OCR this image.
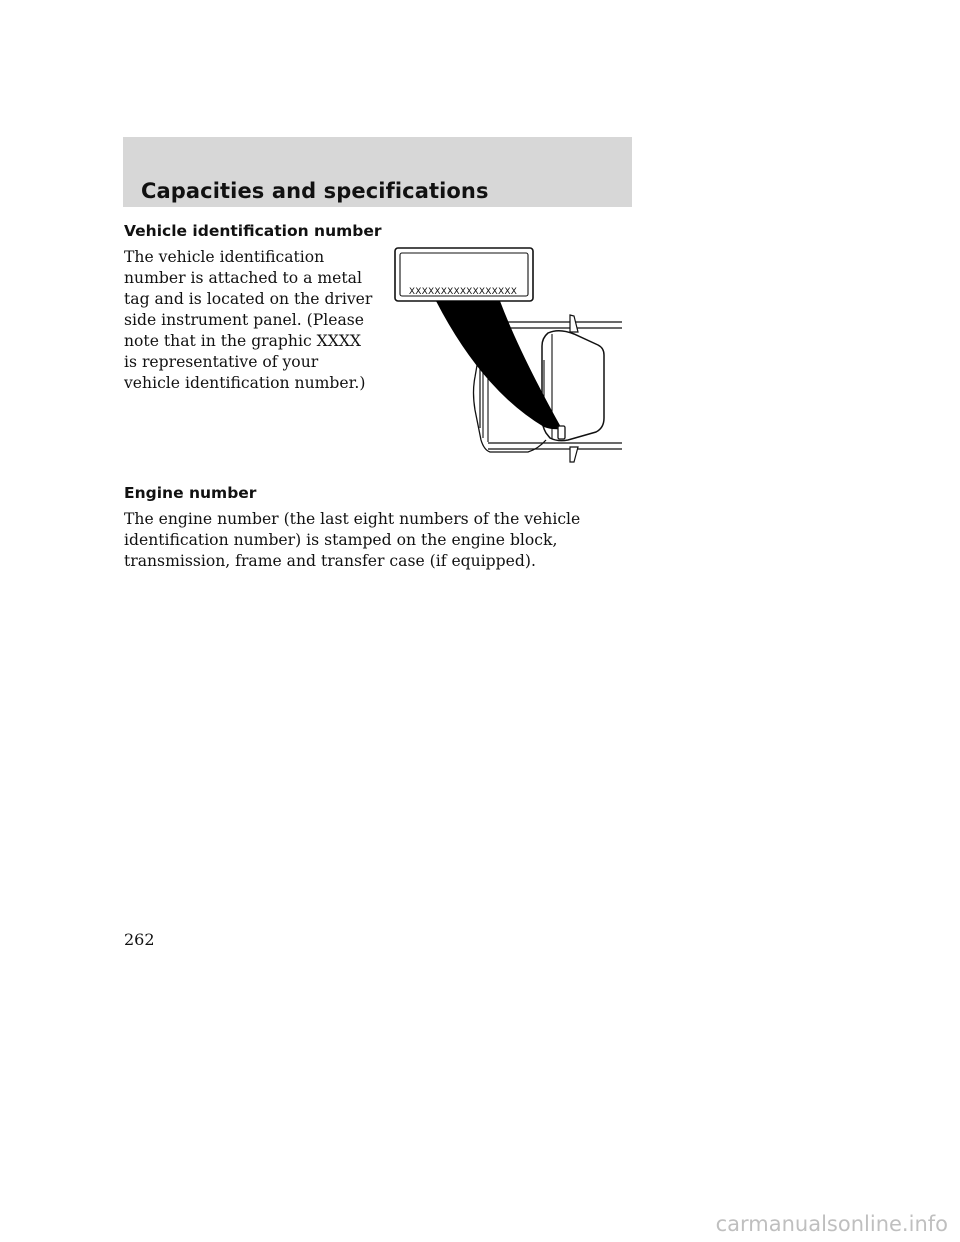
Capacities and specifications
Vehicle identification number

The vehicle identification number is attached to a metal tag and is located on the driver side instrument panel. (Please note that in the graphic XXXX is representative of your vehicle identification number.)

XXXXXXXXXXXXXXXXX
Engine number

The engine number (the last eight numbers of the vehicle identification number) is stamped on the engine block, transmission, frame and transfer case (if equipped).

262
carmanualsonline.info
